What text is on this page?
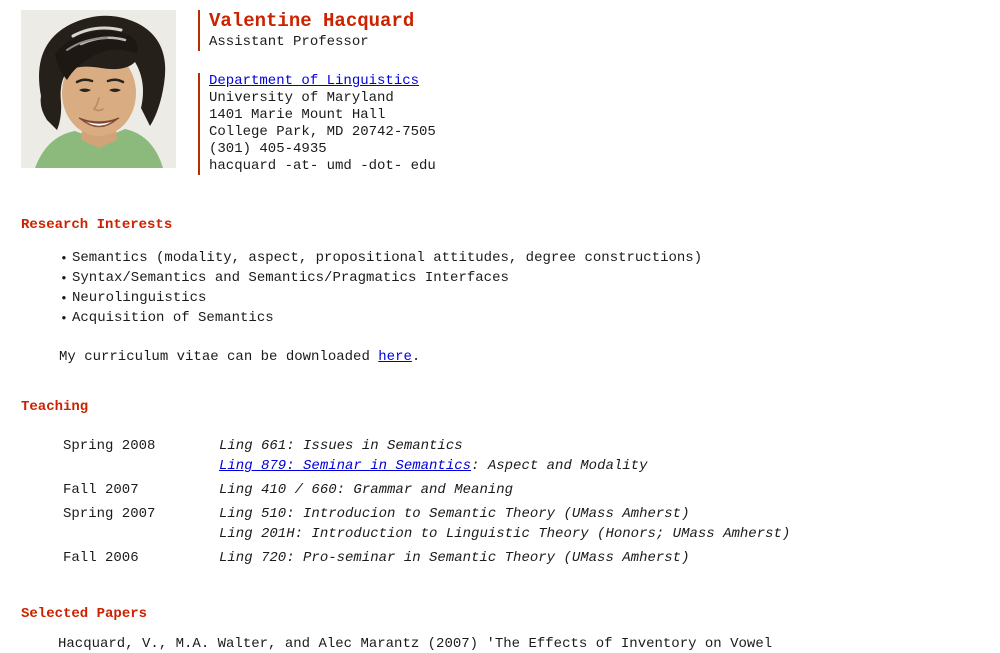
Valentine Hacquard
Assistant Professor
Department of Linguistics
University of Maryland
1401 Marie Mount Hall
College Park, MD 20742-7505
(301) 405-4935
hacquard -at- umd -dot- edu
Research Interests
• Semantics (modality, aspect, propositional attitudes, degree constructions)
• Syntax/Semantics and Semantics/Pragmatics Interfaces
• Neurolinguistics
• Acquisition of Semantics
My curriculum vitae can be downloaded here.
Teaching
Spring 2008	Ling 661: Issues in Semantics
Ling 879: Seminar in Semantics: Aspect and Modality

Fall 2007	Ling 410 / 660: Grammar and Meaning

Spring 2007	Ling 510: Introducion to Semantic Theory (UMass Amherst)
Ling 201H: Introduction to Linguistic Theory (Honors; UMass Amherst)

Fall 2006	Ling 720: Pro-seminar in Semantic Theory (UMass Amherst)
Selected Papers
Hacquard, V., M.A. Walter, and Alec Marantz (2007) 'The Effects of Inventory on Vowel
